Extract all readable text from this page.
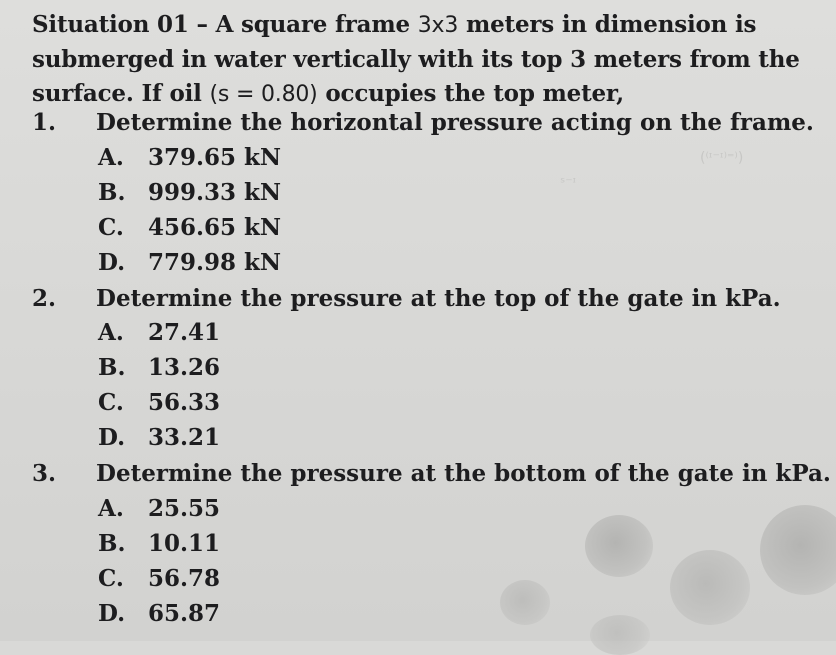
(⁽ᶦ⁻ᶦ⁾⁼⁾)
ˢ⁻ᶦ
Situation 01 – A square frame 3x3 meters in dimension is submerged in water vertically with its top 3 meters from the surface. If oil (s = 0.80) occupies the top meter,
1. Determine the horizontal pressure acting on the frame.
A. 379.65 kN
B. 999.33 kN
C. 456.65 kN
D. 779.98 kN
2. Determine the pressure at the top of the gate in kPa.
A. 27.41
B. 13.26
C. 56.33
D. 33.21
3. Determine the pressure at the bottom of the gate in kPa.
A. 25.55
B. 10.11
C. 56.78
D. 65.87
